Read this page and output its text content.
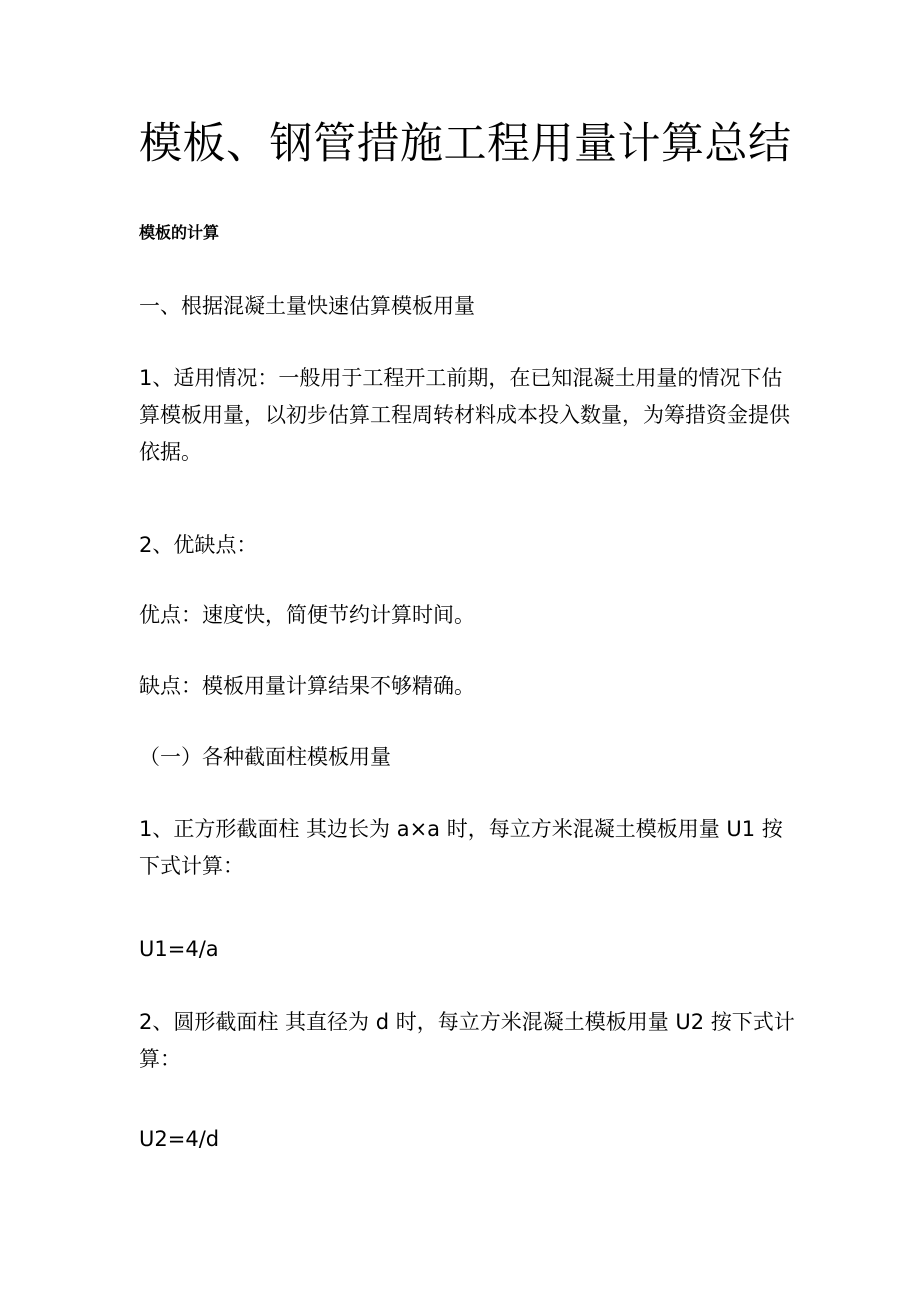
模板、钢管措施工程用量计算总结
模板的计算

一、根据混凝土量快速估算模板用量

1、适用情况：一般用于工程开工前期，在已知混凝土用量的情况下估算模板用量，以初步估算工程周转材料成本投入数量，为筹措资金提供依据。

2、优缺点：

优点：速度快，简便节约计算时间。

缺点：模板用量计算结果不够精确。

（一）各种截面柱模板用量

1、正方形截面柱 其边长为 a×a 时，每立方米混凝土模板用量 U1 按下式计算：

U1=4/a

2、圆形截面柱 其直径为 d 时，每立方米混凝土模板用量 U2 按下式计算：

U2=4/d
